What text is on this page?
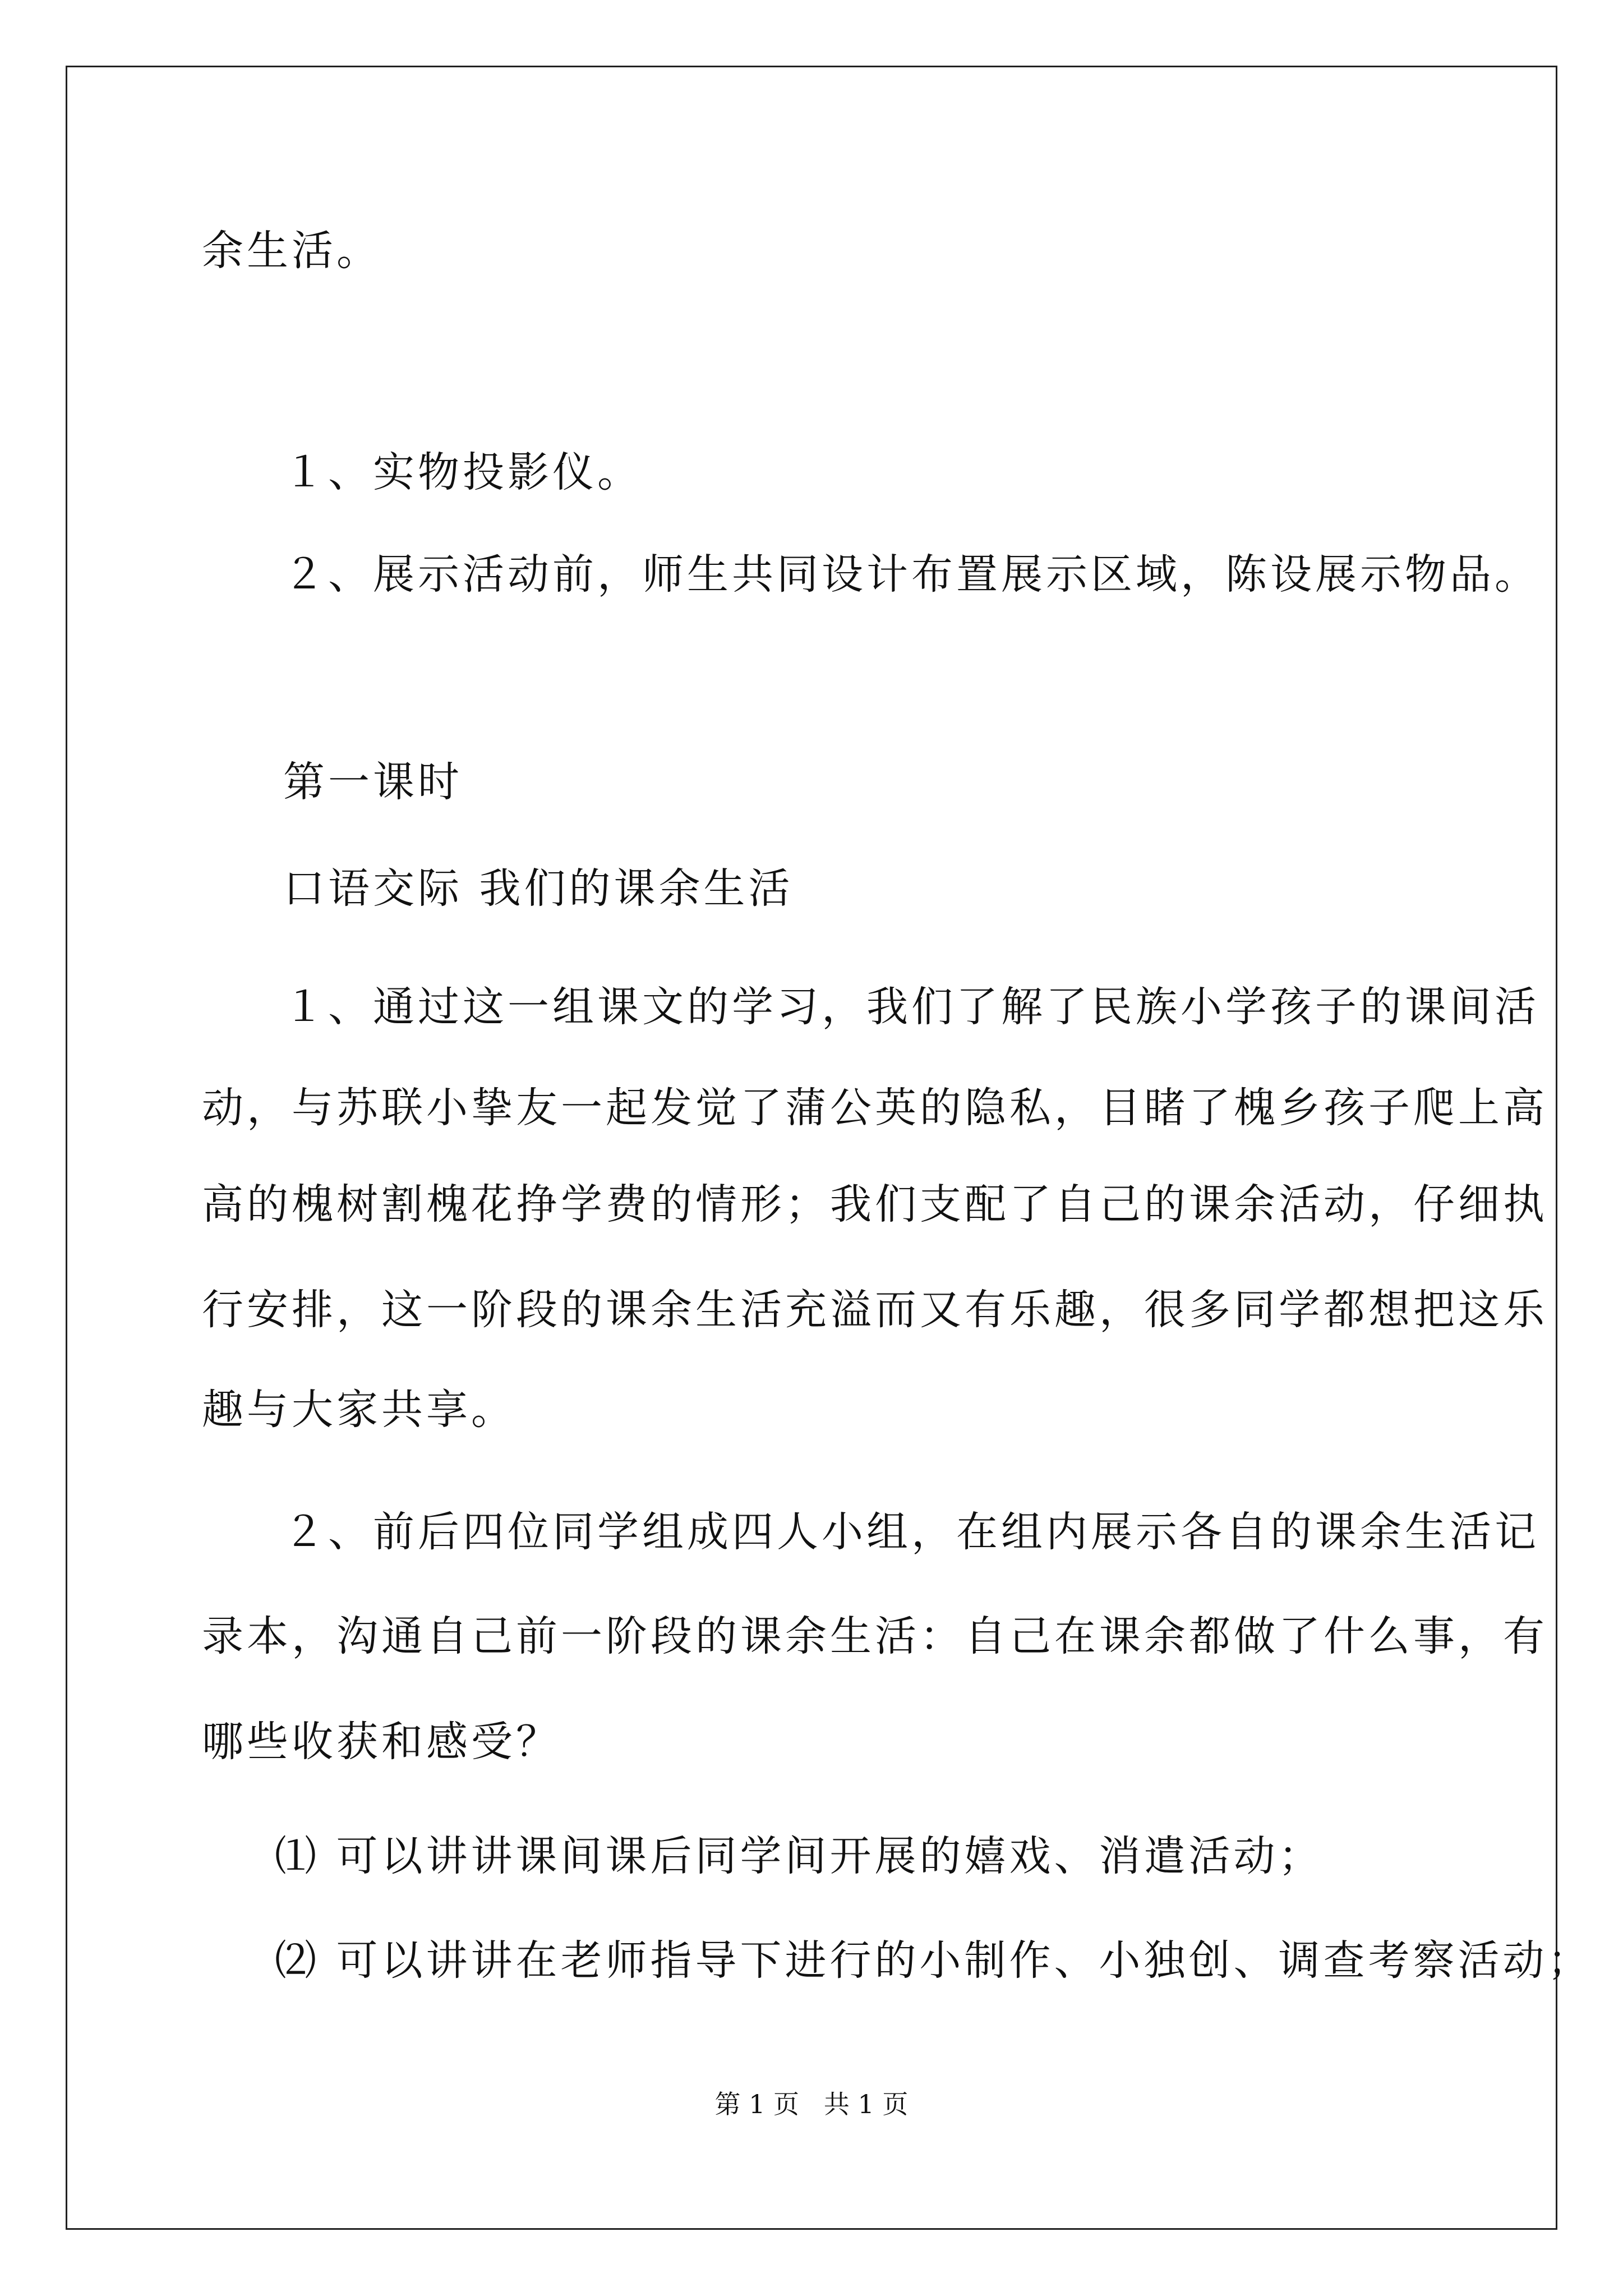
余生活。
１、实物投影仪。
２、展示活动前，师生共同设计布置展示区域，陈设展示物品。
第一课时
口语交际 我们的课余生活
１、通过这一组课文的学习，我们了解了民族小学孩子的课间活
动，与苏联小挚友一起发觉了蒲公英的隐私，目睹了槐乡孩子爬上高
高的槐树割槐花挣学费的情形；我们支配了自己的课余活动，仔细执
行安排，这一阶段的课余生活充溢而又有乐趣，很多同学都想把这乐
趣与大家共享。
２、前后四位同学组成四人小组，在组内展示各自的课余生活记
录本，沟通自己前一阶段的课余生活：自己在课余都做了什么事，有
哪些收获和感受？
⑴ 可以讲讲课间课后同学间开展的嬉戏、消遣活动；
⑵ 可以讲讲在老师指导下进行的小制作、小独创、调查考察活动；
第 1 页   共 1 页
